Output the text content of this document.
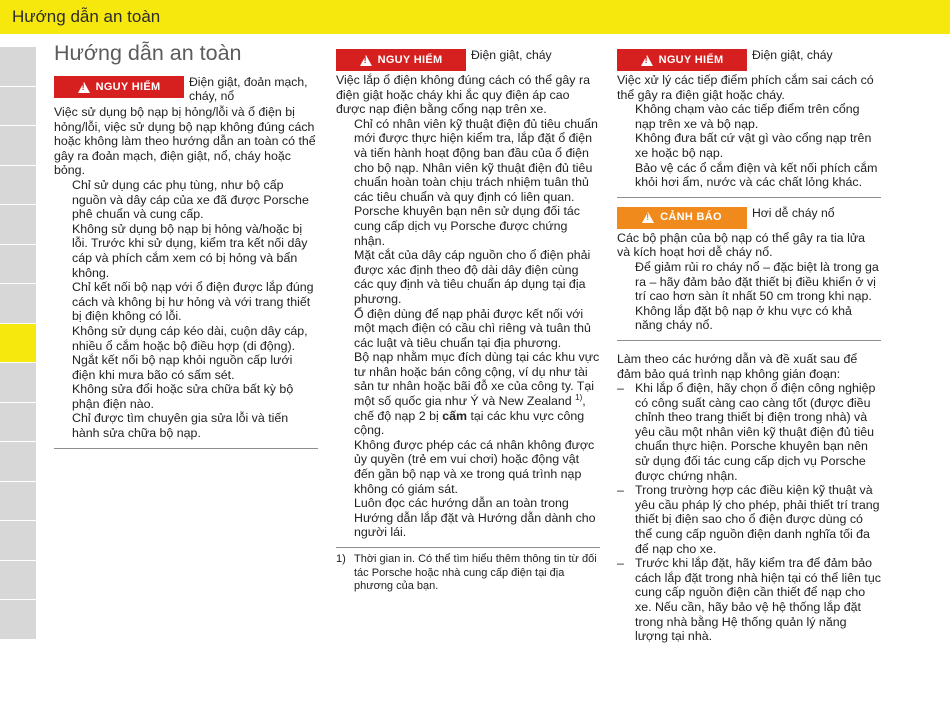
Hướng dẫn an toàn
Hướng dẫn an toàn
!
NGUY HIỂM Điện giật, đoản mạch, cháy, nổ

Việc sử dụng bộ nạp bị hỏng/lỗi và ổ điện bị hỏng/lỗi, việc sử dụng bộ nạp không đúng cách hoặc không làm theo hướng dẫn an toàn có thể gây ra đoản mạch, điện giật, nổ, cháy hoặc bỏng.

Chỉ sử dụng các phụ tùng, như bộ cấp nguồn và dây cáp của xe đã được Porsche phê chuẩn và cung cấp.

Không sử dụng bộ nạp bị hỏng và/hoặc bị lỗi. Trước khi sử dụng, kiểm tra kết nối dây cáp và phích cắm xem có bị hỏng và bẩn không.

Chỉ kết nối bộ nạp với ổ điện được lắp đúng cách và không bị hư hỏng và với trang thiết bị điện không có lỗi.

Không sử dụng cáp kéo dài, cuộn dây cáp, nhiều ổ cắm hoặc bộ điều hợp (di động).

Ngắt kết nối bộ nạp khỏi nguồn cấp lưới điện khi mưa bão có sấm sét.

Không sửa đổi hoặc sửa chữa bất kỳ bộ phận điện nào.

Chỉ được tìm chuyên gia sửa lỗi và tiến hành sửa chữa bộ nạp.

!
NGUY HIỂM Điện giật, cháy

Việc lắp ổ điện không đúng cách có thể gây ra điện giật hoặc cháy khi ắc quy điện áp cao được nạp điện bằng cổng nạp trên xe.

Chỉ có nhân viên kỹ thuật điện đủ tiêu chuẩn mới được thực hiện kiểm tra, lắp đặt ổ điện và tiến hành hoạt động ban đầu của ổ điện cho bộ nạp. Nhân viên kỹ thuật điện đủ tiêu chuẩn hoàn toàn chịu trách nhiệm tuân thủ các tiêu chuẩn và quy định có liên quan. Porsche khuyên bạn nên sử dụng đối tác cung cấp dịch vụ Porsche được chứng nhận.

Mặt cắt của dây cáp nguồn cho ổ điện phải được xác định theo độ dài dây điện cùng các quy định và tiêu chuẩn áp dụng tại địa phương.

Ổ điện dùng để nạp phải được kết nối với một mạch điện có cầu chì riêng và tuân thủ các luật và tiêu chuẩn tại địa phương.

Bộ nạp nhằm mục đích dùng tại các khu vực tư nhân hoặc bán công cộng, ví dụ như tài sản tư nhân hoặc bãi đỗ xe của công ty. Tại một số quốc gia như Ý và New Zealand $^{1)}$, chế độ nạp 2 bị cấm tại các khu vực công cộng.

Không được phép các cá nhân không được ủy quyền (trẻ em vui chơi) hoặc động vật đến gần bộ nạp và xe trong quá trình nạp không có giám sát.

Luôn đọc các hướng dẫn an toàn trong Hướng dẫn lắp đặt và Hướng dẫn dành cho người lái.

1) Thời gian in. Có thể tìm hiểu thêm thông tin từ đối tác Porsche hoặc nhà cung cấp điện tại địa phương của bạn.
!
NGUY HIỂM Điện giật, cháy

Việc xử lý các tiếp điểm phích cắm sai cách có thể gây ra điện giật hoặc cháy.

Không chạm vào các tiếp điểm trên cổng nạp trên xe và bộ nạp.

Không đưa bất cứ vật gì vào cổng nạp trên xe hoặc bộ nạp.

Bảo vệ các ổ cắm điện và kết nối phích cắm khỏi hơi ẩm, nước và các chất lỏng khác.

!
CẢNH BÁO Hơi dễ cháy nổ

Các bộ phận của bộ nạp có thể gây ra tia lửa và kích hoạt hơi dễ cháy nổ.

Để giảm rủi ro cháy nổ – đặc biệt là trong ga ra – hãy đảm bảo đặt thiết bị điều khiển ở vị trí cao hơn sàn ít nhất 50 cm trong khi nạp.

Không lắp đặt bộ nạp ở khu vực có khả năng cháy nổ.

Làm theo các hướng dẫn và đề xuất sau để đảm bảo quá trình nạp không gián đoạn:

– Khi lắp ổ điện, hãy chọn ổ điện công nghiệp có công suất càng cao càng tốt (được điều chỉnh theo trang thiết bị điện trong nhà) và yêu cầu một nhân viên kỹ thuật điện đủ tiêu chuẩn thực hiện. Porsche khuyên bạn nên sử dụng đối tác cung cấp dịch vụ Porsche được chứng nhận.
– Trong trường hợp các điều kiện kỹ thuật và yêu cầu pháp lý cho phép, phải thiết trí trang thiết bị điện sao cho ổ điện được dùng có thể cung cấp nguồn điện danh nghĩa tối đa để nạp cho xe.
– Trước khi lắp đặt, hãy kiểm tra để đảm bảo cách lắp đặt trong nhà hiện tại có thể liên tục cung cấp nguồn điện cần thiết để nạp cho xe. Nếu cần, hãy bảo vệ hệ thống lắp đặt trong nhà bằng Hệ thống quản lý năng lượng tại nhà.
